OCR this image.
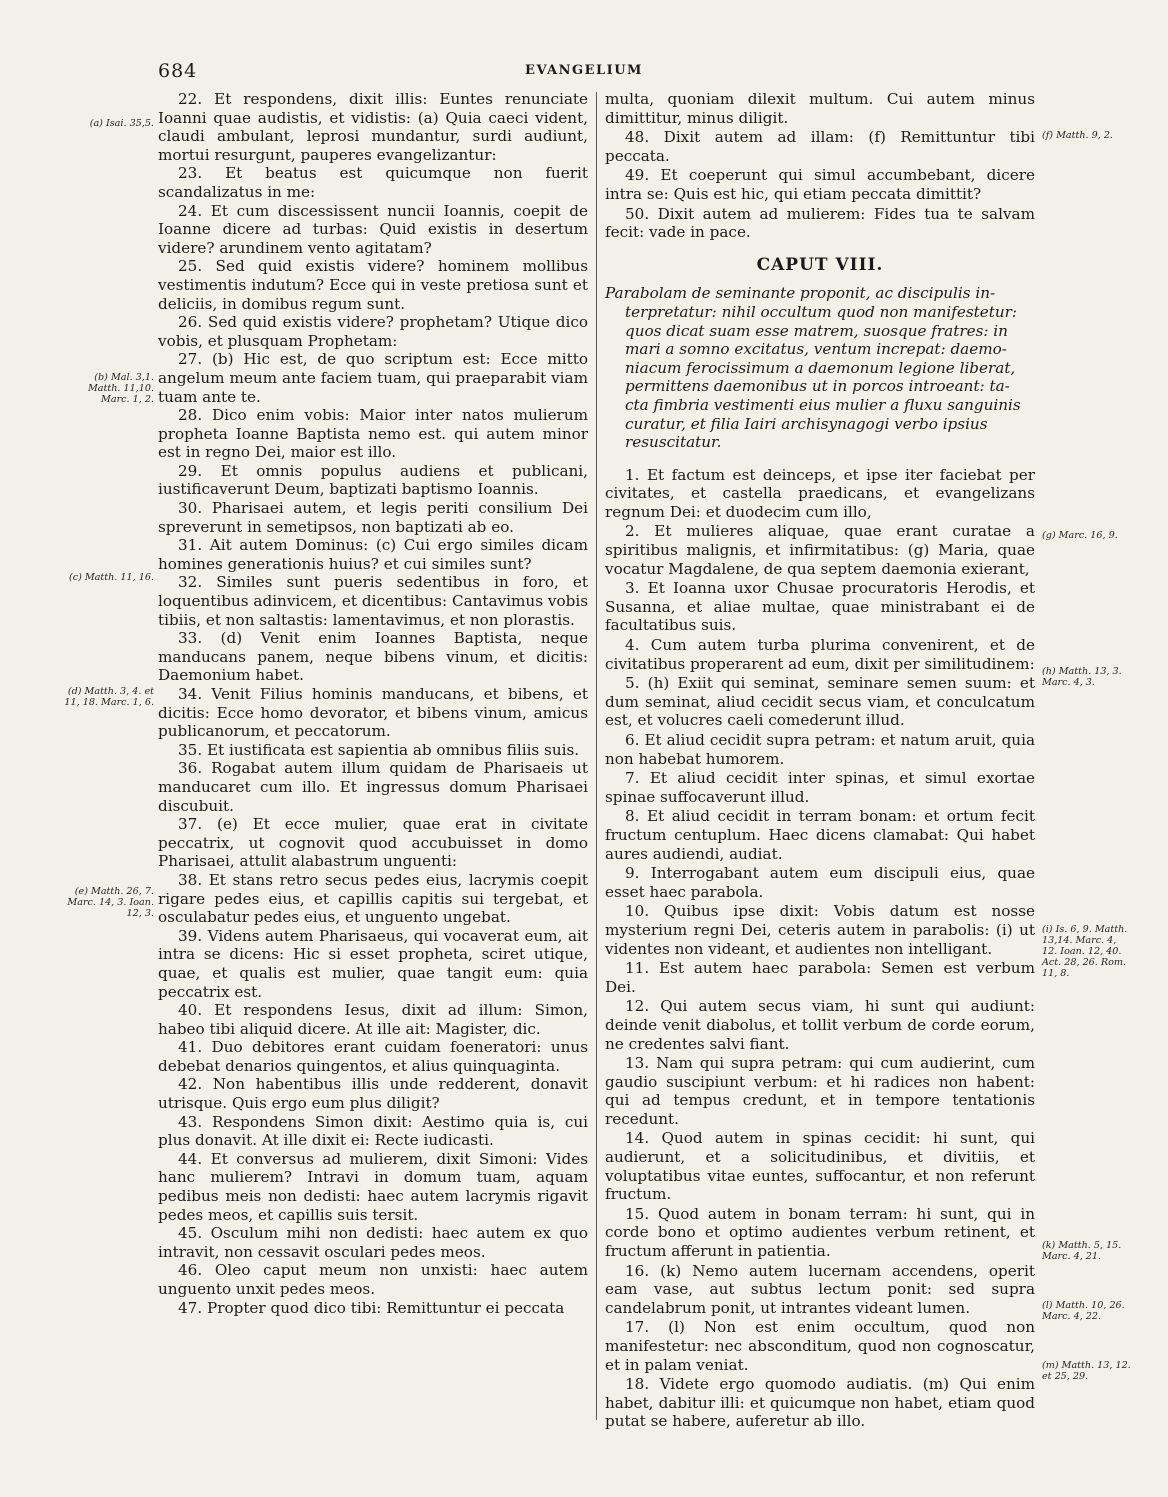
684	EVANGELIUM

22. Et respondens, dixit illis: Euntes renunciate Ioanni quae audistis, et vidistis: (a) Quia caeci vident, claudi ambulant, leprosi mundantur, surdi audiunt, mortui resurgunt, pauperes evangelizantur:

23. Et beatus est quicumque non fuerit scandalizatus in me:

24. Et cum discessissent nuncii Ioannis, coepit de Ioanne dicere ad turbas: Quid existis in desertum videre? arundinem vento agitatam?

25. Sed quid existis videre? hominem mollibus vestimentis indutum? Ecce qui in veste pretiosa sunt et deliciis, in domibus regum sunt.

26. Sed quid existis videre? prophetam? Utique dico vobis, et plusquam Prophetam:

27. (b) Hic est, de quo scriptum est: Ecce mitto angelum meum ante faciem tuam, qui praeparabit viam tuam ante te.

28. Dico enim vobis: Maior inter natos mulierum propheta Ioanne Baptista nemo est. qui autem minor est in regno Dei, maior est illo.

29. Et omnis populus audiens et publicani, iustificaverunt Deum, baptizati baptismo Ioannis.

30. Pharisaei autem, et legis periti consilium Dei spreverunt in semetipsos, non baptizati ab eo.

31. Ait autem Dominus: (c) Cui ergo similes dicam homines generationis huius? et cui similes sunt?

32. Similes sunt pueris sedentibus in foro, et loquentibus adinvicem, et dicentibus: Cantavimus vobis tibiis, et non saltastis: lamentavimus, et non plorastis.

33. (d) Venit enim Ioannes Baptista, neque manducans panem, neque bibens vinum, et dicitis: Daemonium habet.

34. Venit Filius hominis manducans, et bibens, et dicitis: Ecce homo devorator, et bibens vinum, amicus publicanorum, et peccatorum.

35. Et iustificata est sapientia ab omnibus filiis suis.

36. Rogabat autem illum quidam de Pharisaeis ut manducaret cum illo. Et ingressus domum Pharisaei discubuit.

37. (e) Et ecce mulier, quae erat in civitate peccatrix, ut cognovit quod accubuisset in domo Pharisaei, attulit alabastrum unguenti:

38. Et stans retro secus pedes eius, lacrymis coepit rigare pedes eius, et capillis capitis sui tergebat, et osculabatur pedes eius, et unguento ungebat.

39. Videns autem Pharisaeus, qui vocaverat eum, ait intra se dicens: Hic si esset propheta, sciret utique, quae, et qualis est mulier, quae tangit eum: quia peccatrix est.

40. Et respondens Iesus, dixit ad illum: Simon, habeo tibi aliquid dicere. At ille ait: Magister, dic.

41. Duo debitores erant cuidam foeneratori: unus debebat denarios quingentos, et alius quinquaginta.

42. Non habentibus illis unde redderent, donavit utrisque. Quis ergo eum plus diligit?

43. Respondens Simon dixit: Aestimo quia is, cui plus donavit. At ille dixit ei: Recte iudicasti.

44. Et conversus ad mulierem, dixit Simoni: Vides hanc mulierem? Intravi in domum tuam, aquam pedibus meis non dedisti: haec autem lacrymis rigavit pedes meos, et capillis suis tersit.

45. Osculum mihi non dedisti: haec autem ex quo intravit, non cessavit osculari pedes meos.

46. Oleo caput meum non unxisti: haec autem unguento unxit pedes meos.

47. Propter quod dico tibi: Remittuntur ei peccata

multa, quoniam dilexit multum. Cui autem minus dimittitur, minus diligit.

48. Dixit autem ad illam: (f) Remittuntur tibi peccata.

49. Et coeperunt qui simul accumbebant, dicere intra se: Quis est hic, qui etiam peccata dimittit?

50. Dixit autem ad mulierem: Fides tua te salvam fecit: vade in pace.

CAPUT VIII.

Parabolam de seminante proponit, ac discipulis in-
terpretatur: nihil occultum quod non manifestetur:
quos dicat suam esse matrem, suosque fratres: in
mari a somno excitatus, ventum increpat: daemo-
niacum ferocissimum a daemonum legione liberat,
permittens daemonibus ut in porcos introeant: ta-
cta fimbria vestimenti eius mulier a fluxu sanguinis
curatur, et filia Iairi archisynagogi verbo ipsius
resuscitatur.

1. Et factum est deinceps, et ipse iter faciebat per civitates, et castella praedicans, et evangelizans regnum Dei: et duodecim cum illo,

2. Et mulieres aliquae, quae erant curatae a spiritibus malignis, et infirmitatibus: (g) Maria, quae vocatur Magdalene, de qua septem daemonia exierant,

3. Et Ioanna uxor Chusae procuratoris Herodis, et Susanna, et aliae multae, quae ministrabant ei de facultatibus suis.

4. Cum autem turba plurima convenirent, et de civitatibus properarent ad eum, dixit per similitudinem:

5. (h) Exiit qui seminat, seminare semen suum: et dum seminat, aliud cecidit secus viam, et conculcatum est, et volucres caeli comederunt illud.

6. Et aliud cecidit supra petram: et natum aruit, quia non habebat humorem.

7. Et aliud cecidit inter spinas, et simul exortae spinae suffocaverunt illud.

8. Et aliud cecidit in terram bonam: et ortum fecit fructum centuplum. Haec dicens clamabat: Qui habet aures audiendi, audiat.

9. Interrogabant autem eum discipuli eius, quae esset haec parabola.

10. Quibus ipse dixit: Vobis datum est nosse mysterium regni Dei, ceteris autem in parabolis: (i) ut videntes non videant, et audientes non intelligant.

11. Est autem haec parabola: Semen est verbum Dei.

12. Qui autem secus viam, hi sunt qui audiunt: deinde venit diabolus, et tollit verbum de corde eorum, ne credentes salvi fiant.

13. Nam qui supra petram: qui cum audierint, cum gaudio suscipiunt verbum: et hi radices non habent: qui ad tempus credunt, et in tempore tentationis recedunt.

14. Quod autem in spinas cecidit: hi sunt, qui audierunt, et a solicitudinibus, et divitiis, et voluptatibus vitae euntes, suffocantur, et non referunt fructum.

15. Quod autem in bonam terram: hi sunt, qui in corde bono et optimo audientes verbum retinent, et fructum afferunt in patientia.

16. (k) Nemo autem lucernam accendens, operit eam vase, aut subtus lectum ponit: sed supra candelabrum ponit, ut intrantes videant lumen.

17. (l) Non est enim occultum, quod non manifestetur: nec absconditum, quod non cognoscatur, et in palam veniat.

18. Videte ergo quomodo audiatis. (m) Qui enim habet, dabitur illi: et quicumque non habet, etiam quod putat se habere, auferetur ab illo.

(a) Isai. 35,5.
(b) Mal. 3,1. Matth. 11,10. Marc. 1, 2.
(c) Matth. 11, 16.
(d) Matth. 3, 4. et 11, 18. Marc. 1, 6.
(e) Matth. 26, 7. Marc. 14, 3. Ioan. 12, 3.
(f) Matth. 9, 2.
(g) Marc. 16, 9.
(h) Matth. 13, 3. Marc. 4, 3.
(i) Is. 6, 9. Matth. 13,14. Marc. 4, 12. Ioan. 12, 40. Act. 28, 26. Rom. 11, 8.
(k) Matth. 5, 15. Marc. 4, 21.
(l) Matth. 10, 26. Marc. 4, 22.
(m) Matth. 13, 12. et 25, 29.
